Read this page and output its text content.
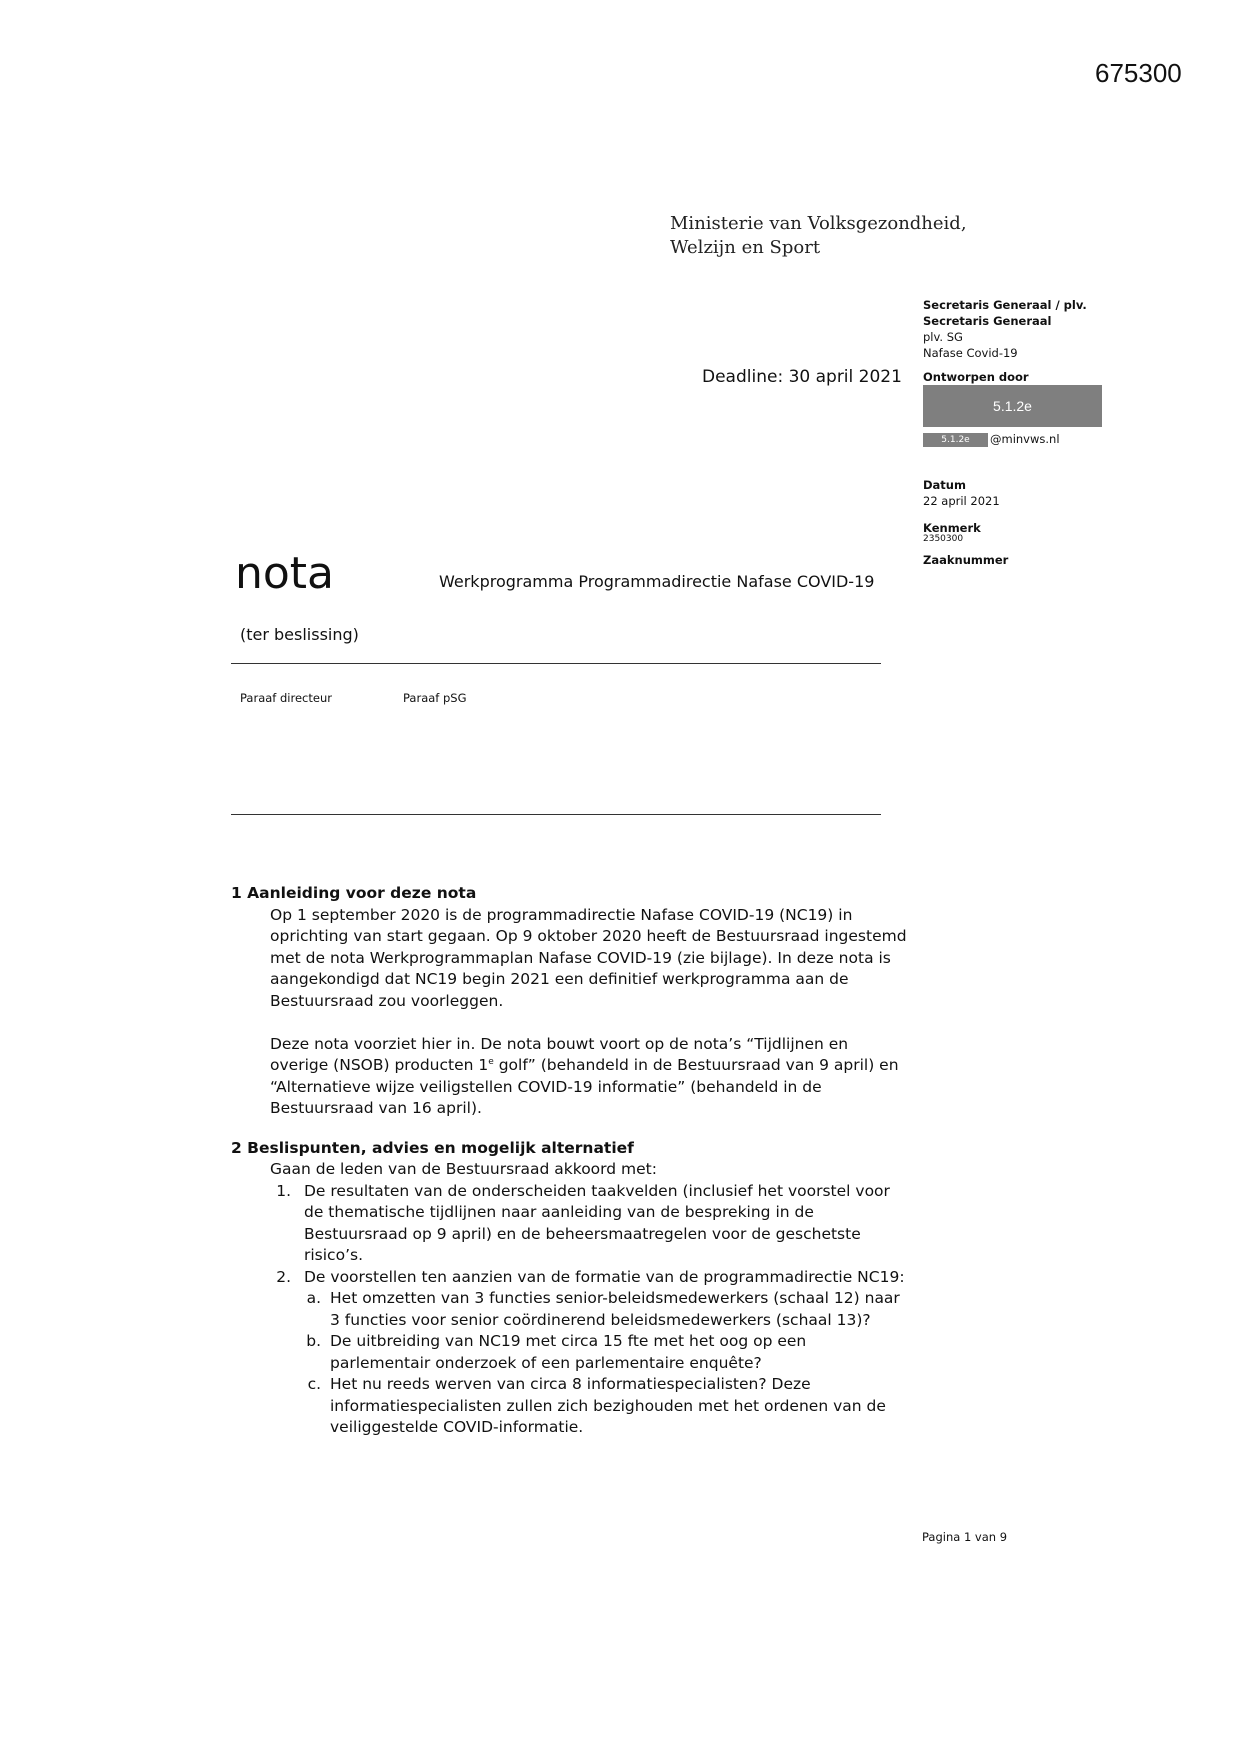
675300
Ministerie van Volksgezondheid,
Welzijn en Sport
Deadline: 30 april 2021
Secretaris Generaal / plv.
Secretaris Generaal
plv. SG
Nafase Covid-19
Ontworpen door
5.1.2e
5.1.2e	@minvws.nl
Datum
22 april 2021
Kenmerk
2350300
Zaaknummer
nota	Werkprogramma Programmadirectie Nafase COVID-19
(ter beslissing)
Paraaf directeur	Paraaf pSG
1 Aanleiding voor deze nota
Op 1 september 2020 is de programmadirectie Nafase COVID-19 (NC19) in oprichting van start gegaan. Op 9 oktober 2020 heeft de Bestuursraad ingestemd met de nota Werkprogrammaplan Nafase COVID-19 (zie bijlage). In deze nota is aangekondigd dat NC19 begin 2021 een definitief werkprogramma aan de Bestuursraad zou voorleggen.
Deze nota voorziet hier in. De nota bouwt voort op de nota’s “Tijdlijnen en overige (NSOB) producten 1e golf” (behandeld in de Bestuursraad van 9 april) en “Alternatieve wijze veiligstellen COVID-19 informatie” (behandeld in de Bestuursraad van 16 april).
2 Beslispunten, advies en mogelijk alternatief
Gaan de leden van de Bestuursraad akkoord met:
1. De resultaten van de onderscheiden taakvelden (inclusief het voorstel voor de thematische tijdlijnen naar aanleiding van de bespreking in de Bestuursraad op 9 april) en de beheersmaatregelen voor de geschetste risico’s.
2. De voorstellen ten aanzien van de formatie van de programmadirectie NC19:
a. Het omzetten van 3 functies senior-beleidsmedewerkers (schaal 12) naar 3 functies voor senior coördinerend beleidsmedewerkers (schaal 13)?
b. De uitbreiding van NC19 met circa 15 fte met het oog op een parlementair onderzoek of een parlementaire enquête?
c. Het nu reeds werven van circa 8 informatiespecialisten? Deze informatiespecialisten zullen zich bezighouden met het ordenen van de veiliggestelde COVID-informatie.
Pagina 1 van 9
